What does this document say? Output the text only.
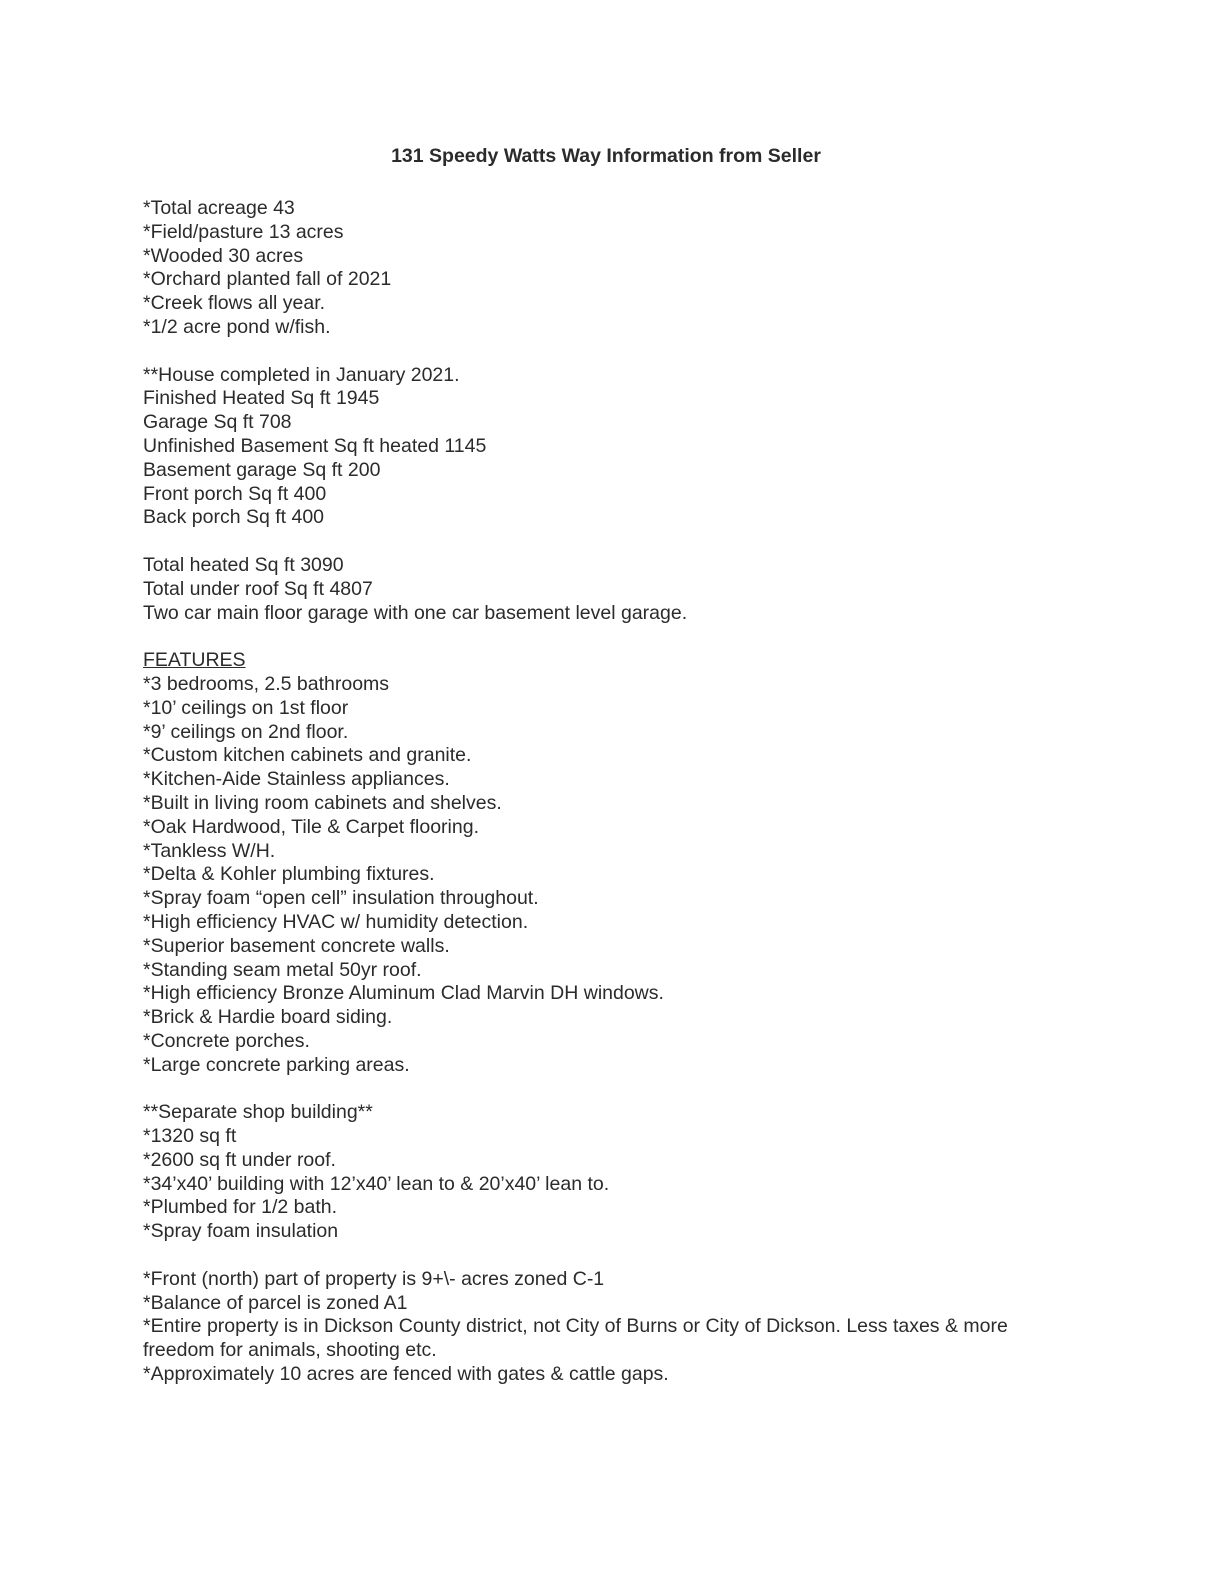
131 Speedy Watts Way Information from Seller
*Total acreage 43
*Field/pasture 13 acres
*Wooded 30 acres
*Orchard planted fall of 2021
*Creek flows all year.
*1/2 acre pond w/fish.
**House completed in January 2021.
Finished Heated Sq ft 1945
Garage Sq ft 708
Unfinished Basement Sq ft heated 1145
Basement garage Sq ft 200
Front porch Sq ft 400
Back porch Sq ft 400
Total heated Sq ft 3090
Total under roof Sq ft 4807
Two car main floor garage with one car basement level garage.
FEATURES
*3 bedrooms, 2.5 bathrooms
*10’ ceilings on 1st floor
*9’ ceilings on 2nd floor.
*Custom kitchen cabinets and granite.
*Kitchen-Aide Stainless appliances.
*Built in living room cabinets and shelves.
*Oak Hardwood, Tile & Carpet flooring.
*Tankless W/H.
*Delta & Kohler plumbing fixtures.
*Spray foam “open cell” insulation throughout.
*High efficiency HVAC w/ humidity detection.
*Superior basement concrete walls.
*Standing seam metal 50yr roof.
*High efficiency Bronze Aluminum Clad Marvin DH windows.
*Brick & Hardie board siding.
*Concrete porches.
*Large concrete parking areas.
**Separate shop building**
*1320 sq ft
*2600 sq ft under roof.
*34’x40’ building with 12’x40’ lean to & 20’x40’ lean to.
*Plumbed for 1/2 bath.
*Spray foam insulation
*Front (north) part of property is 9+\- acres zoned C-1
*Balance of parcel is zoned A1
*Entire property is in Dickson County district, not City of Burns or City of Dickson. Less taxes & more freedom for animals, shooting etc.
*Approximately 10 acres are fenced with gates & cattle gaps.
